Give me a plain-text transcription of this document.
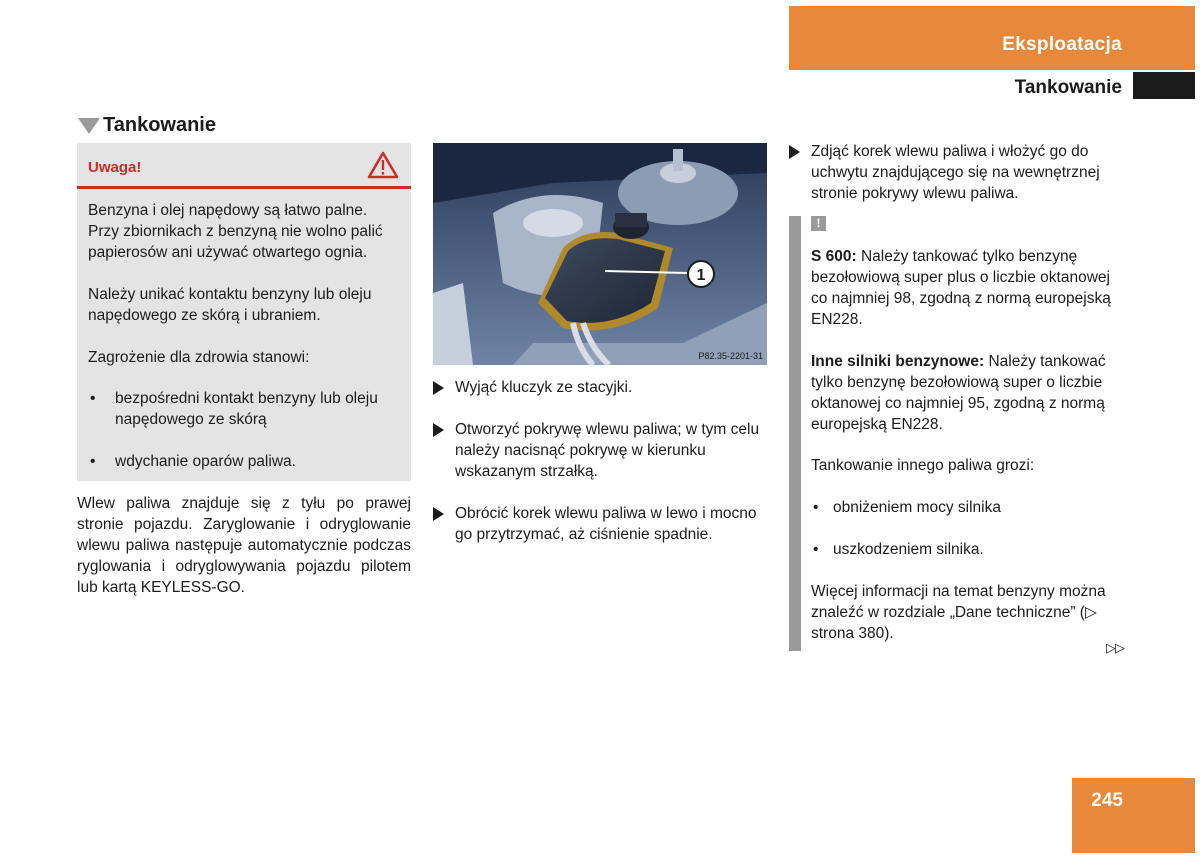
Eksploatacja
Tankowanie
Tankowanie
Uwaga!
Benzyna i olej napędowy są łatwo palne. Przy zbiornikach z benzyną nie wolno palić papierosów ani używać otwartego ognia.
Należy unikać kontaktu benzyny lub oleju napędowego ze skórą i ubraniem.
Zagrożenie dla zdrowia stanowi:
• bezpośredni kontakt benzyny lub oleju napędowego ze skórą
• wdychanie oparów paliwa.
Wlew paliwa znajduje się z tyłu po prawej stronie pojazdu. Zaryglowanie i odryglowanie wlewu paliwa następuje automatycznie podczas ryglowania i odryglowywania pojazdu pilotem lub kartą KEYLESS-GO.
1
P82.35-2201-31
Wyjąć kluczyk ze stacyjki.
Otworzyć pokrywę wlewu paliwa; w tym celu należy nacisnąć pokrywę w kierunku wskazanym strzałką.
Obrócić korek wlewu paliwa w lewo i mocno go przytrzymać, aż ciśnienie spadnie.
Zdjąć korek wlewu paliwa i włożyć go do uchwytu znajdującego się na wewnętrznej stronie pokrywy wlewu paliwa.
!
S 600: Należy tankować tylko benzynę bezołowiową super plus o liczbie oktanowej co najmniej 98, zgodną z normą europejską EN228.
Inne silniki benzynowe: Należy tankować tylko benzynę bezołowiową super o liczbie oktanowej co najmniej 95, zgodną z normą europejską EN228.
Tankowanie innego paliwa grozi:
• obniżeniem mocy silnika
• uszkodzeniem silnika.
Więcej informacji na temat benzyny można znaleźć w rozdziale „Dane techniczne” (▷ strona 380).
▷▷
245
